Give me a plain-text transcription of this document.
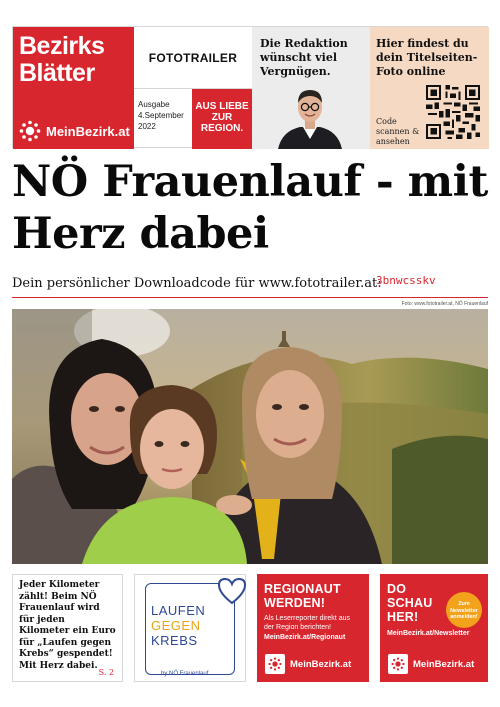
Bezirks
Blätter
MeinBezirk.at
FOTOTRAILER
Ausgabe
4.September 2022
AUS LIEBE ZUR REGION.
Die Redaktion wünscht viel Vergnügen.
Hier findest du dein Titelseiten-Foto online
Code scannen & ansehen
NÖ Frauenlauf - mit Herz dabei
Dein persönlicher Downloadcode für www.fototrailer.at:
3bnwcsskv
Foto: www.fototrailer.at, NÖ Frauenlauf
Jeder Kilometer zählt! Beim NÖ Frauenlauf wird für jeden Kilometer ein Euro für „Laufen gegen Krebs“ gespendet! Mit Herz dabei.
S. 2
LAUFEN
GEGEN
KREBS
by NÖ Frauenlauf
REGIONAUT WERDEN!
Als Leserreporter direkt aus der Region berichten!
MeinBezirk.at/Regionaut
MeinBezirk.at
DO SCHAU HER!
Zum Newsletter anmelden!
MeinBezirk.at/Newsletter
MeinBezirk.at
